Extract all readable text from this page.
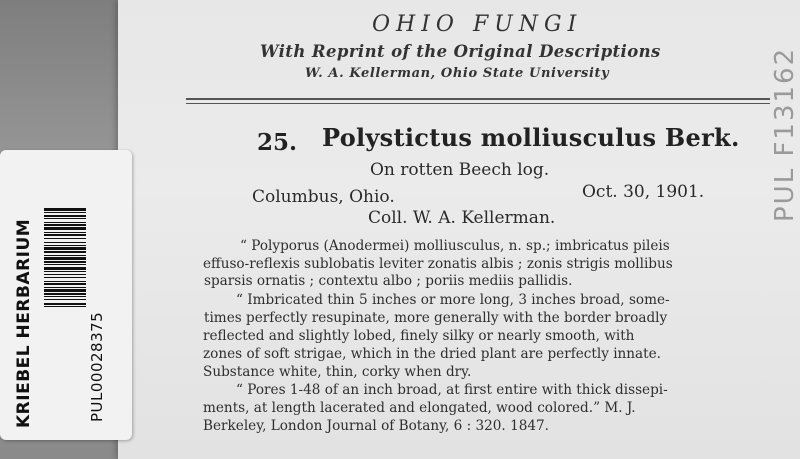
OHIO FUNGI
With Reprint of the Original Descriptions
W. A. Kellerman, Ohio State University
25. Polystictus molliusculus Berk.
On rotten Beech log.
Columbus, Ohio.	Oct. 30, 1901.
Coll. W. A. Kellerman.
“ Polyporus (Anodermei) molliusculus, n. sp.; imbricatus pileis
effuso-reflexis sublobatis leviter zonatis albis ; zonis strigis mollibus
sparsis ornatis ; contextu albo ; poriis mediis pallidis.
“ Imbricated thin 5 inches or more long, 3 inches broad, some-
times perfectly resupinate, more generally with the border broadly
reflected and slightly lobed, finely silky or nearly smooth, with
zones of soft strigae, which in the dried plant are perfectly innate.
Substance white, thin, corky when dry.
“ Pores 1-48 of an inch broad, at first entire with thick dissepi-
ments, at length lacerated and elongated, wood colored.” M. J.
Berkeley, London Journal of Botany, 6 : 320. 1847.
PUL F13162
KRIEBEL HERBARIUM	PUL00028375
